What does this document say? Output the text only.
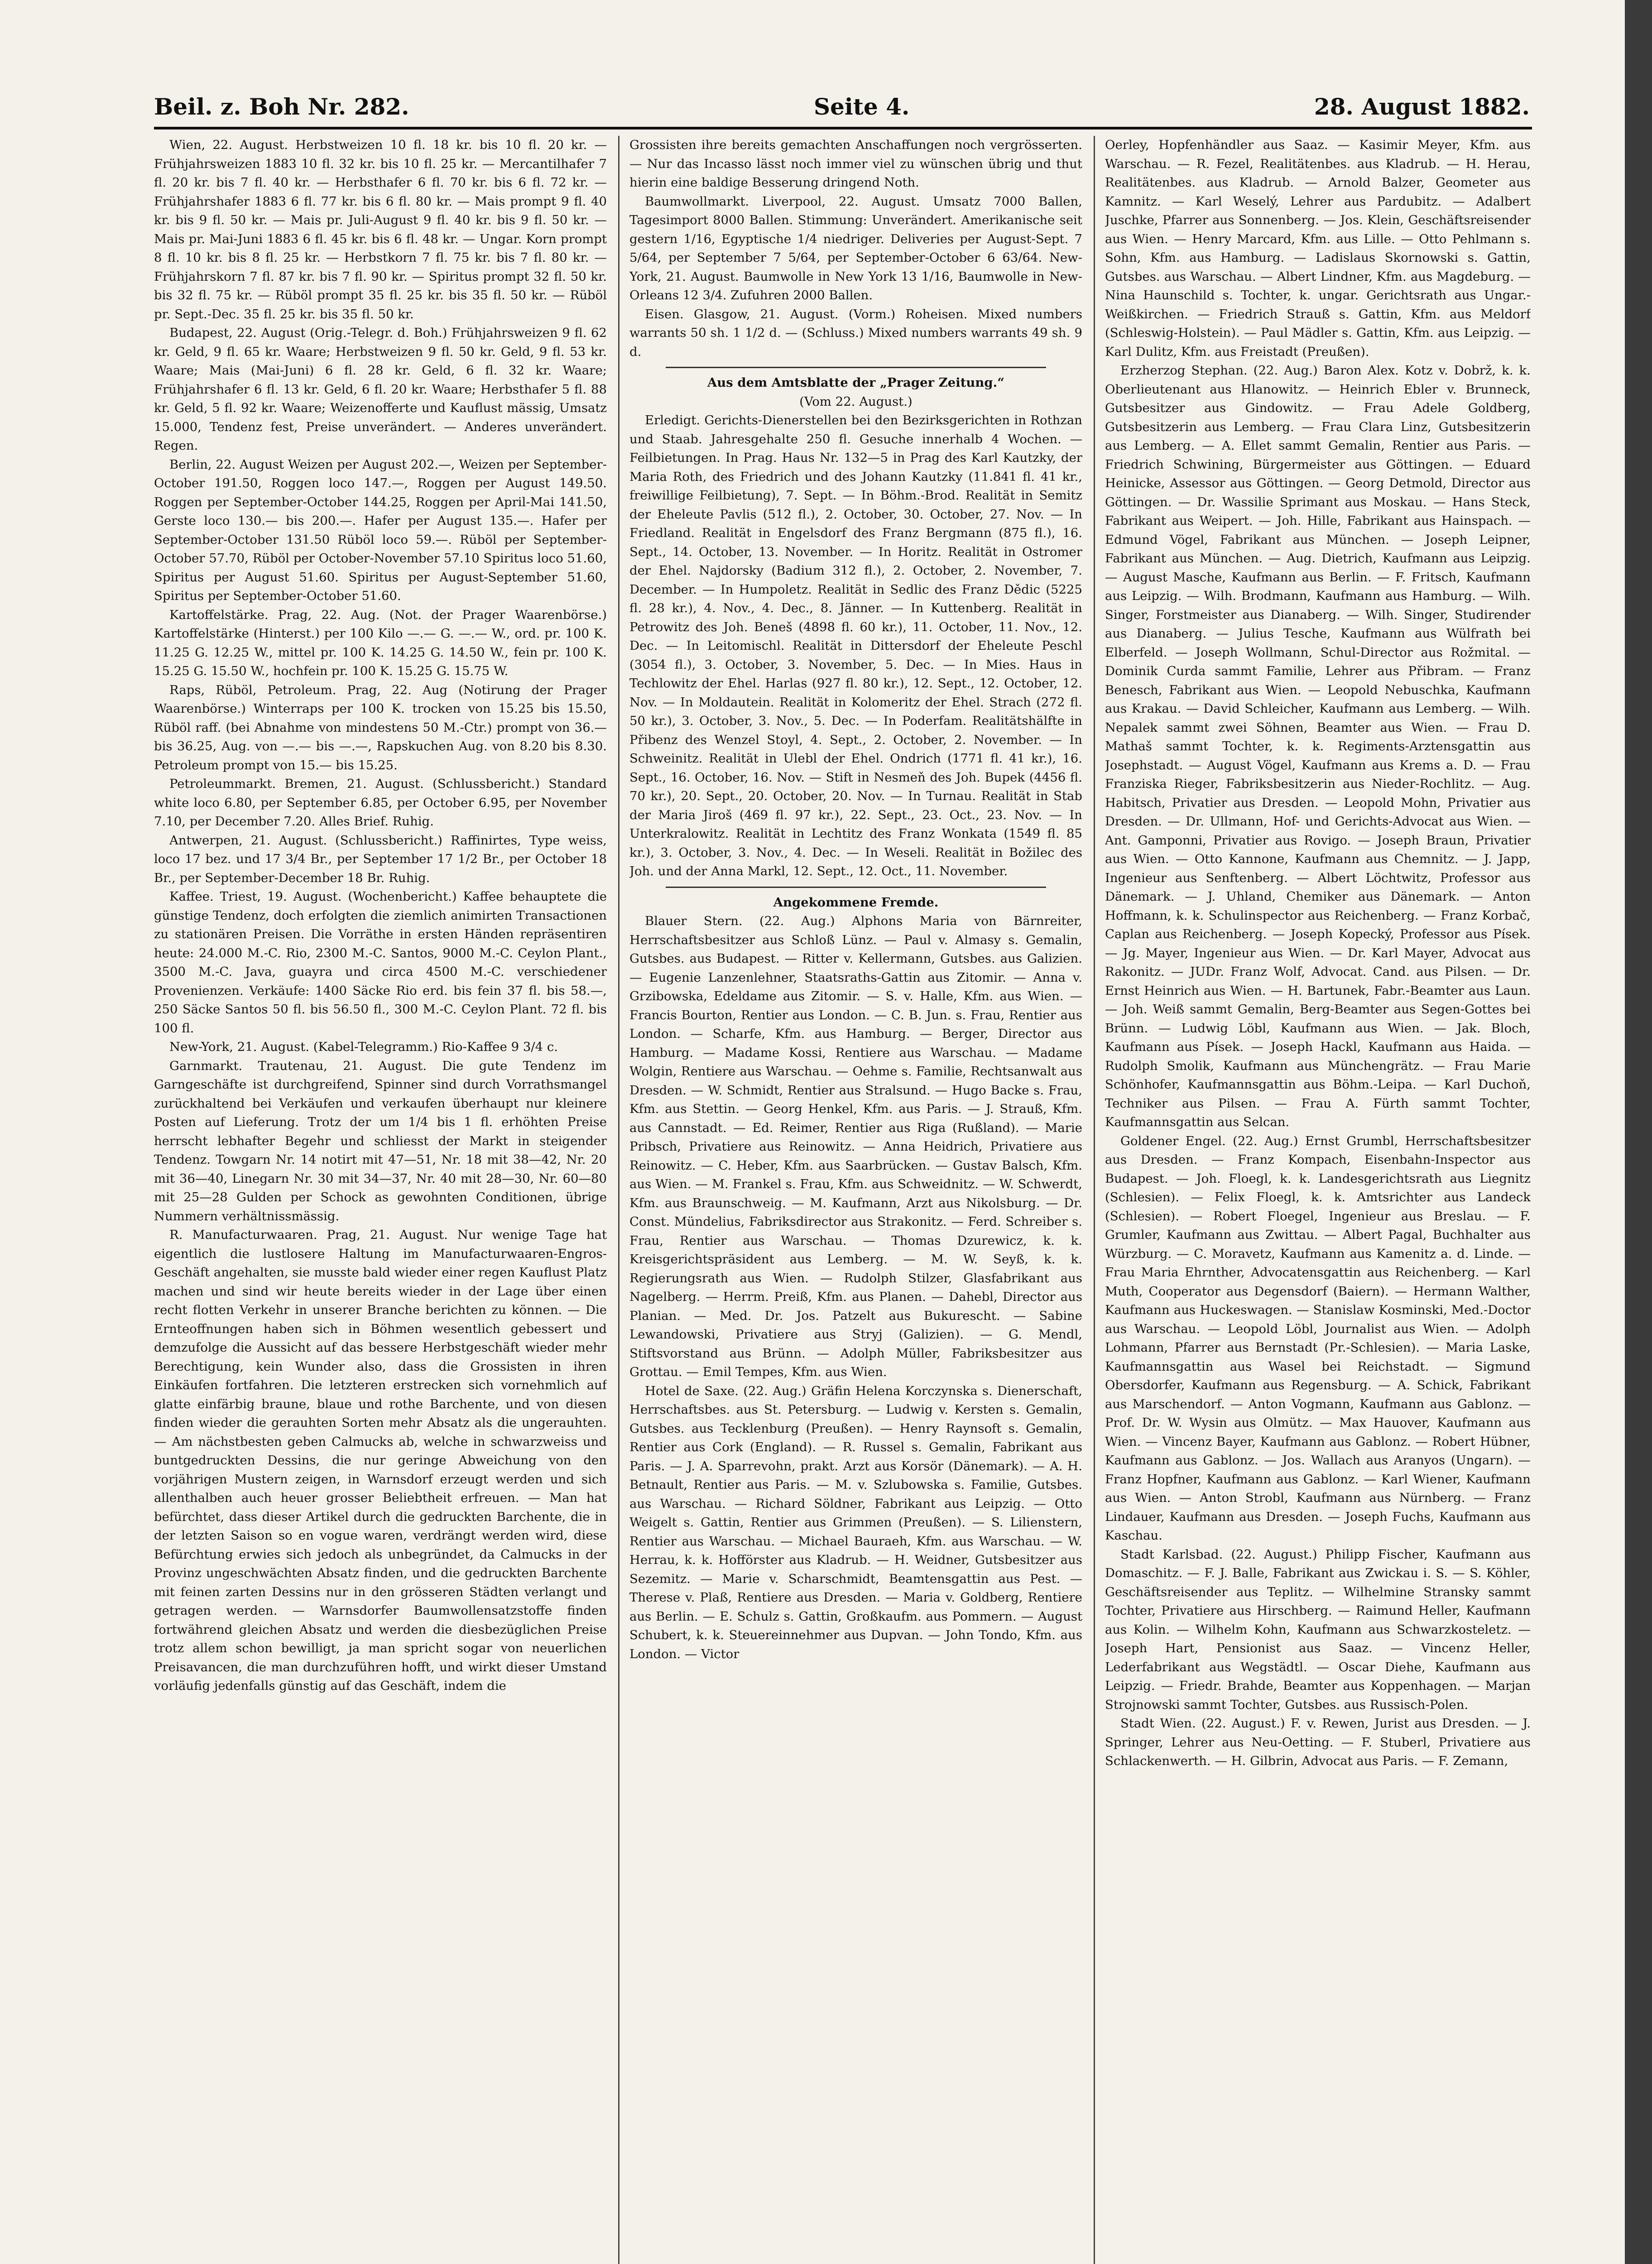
Beil. z. Boh Nr. 282.	Seite 4.	28. August 1882.

Wien, 22. August. Herbstweizen 10 fl. 18 kr. bis 10 fl. 20 kr. — Frühjahrsweizen 1883 10 fl. 32 kr. bis 10 fl. 25 kr. — Mercantilhafer 7 fl. 20 kr. bis 7 fl. 40 kr. — Herbsthafer 6 fl. 70 kr. bis 6 fl. 72 kr. — Frühjahrshafer 1883 6 fl. 77 kr. bis 6 fl. 80 kr. — Mais prompt 9 fl. 40 kr. bis 9 fl. 50 kr. — Mais pr. Juli-August 9 fl. 40 kr. bis 9 fl. 50 kr. — Mais pr. Mai-Juni 1883 6 fl. 45 kr. bis 6 fl. 48 kr. — Ungar. Korn prompt 8 fl. 10 kr. bis 8 fl. 25 kr. — Herbstkorn 7 fl. 75 kr. bis 7 fl. 80 kr. — Frühjahrskorn 7 fl. 87 kr. bis 7 fl. 90 kr. — Spiritus prompt 32 fl. 50 kr. bis 32 fl. 75 kr. — Rüböl prompt 35 fl. 25 kr. bis 35 fl. 50 kr. — Rüböl pr. Sept.-Dec. 35 fl. 25 kr. bis 35 fl. 50 kr.

Budapest, 22. August (Orig.-Telegr. d. Boh.) Frühjahrsweizen 9 fl. 62 kr. Geld, 9 fl. 65 kr. Waare; Herbstweizen 9 fl. 50 kr. Geld, 9 fl. 53 kr. Waare; Mais (Mai-Juni) 6 fl. 28 kr. Geld, 6 fl. 32 kr. Waare; Frühjahrshafer 6 fl. 13 kr. Geld, 6 fl. 20 kr. Waare; Herbsthafer 5 fl. 88 kr. Geld, 5 fl. 92 kr. Waare; Weizenofferte und Kauflust mässig, Umsatz 15.000, Tendenz fest, Preise unverändert. — Anderes unverändert. Regen.

Berlin, 22. August Weizen per August 202.—, Weizen per September-October 191.50, Roggen loco 147.—, Roggen per August 149.50. Roggen per September-October 144.25, Roggen per April-Mai 141.50, Gerste loco 130.— bis 200.—. Hafer per August 135.—. Hafer per September-October 131.50 Rüböl loco 59.—. Rüböl per September-October 57.70, Rüböl per October-November 57.10 Spiritus loco 51.60, Spiritus per August 51.60. Spiritus per August-September 51.60, Spiritus per September-October 51.60.

Kartoffelstärke. Prag, 22. Aug. (Not. der Prager Waarenbörse.) Kartoffelstärke (Hinterst.) per 100 Kilo —.— G. —.— W., ord. pr. 100 K. 11.25 G. 12.25 W., mittel pr. 100 K. 14.25 G. 14.50 W., fein pr. 100 K. 15.25 G. 15.50 W., hochfein pr. 100 K. 15.25 G. 15.75 W.

Raps, Rüböl, Petroleum. Prag, 22. Aug (Notirung der Prager Waarenbörse.) Winterraps per 100 K. trocken von 15.25 bis 15.50, Rüböl raff. (bei Abnahme von mindestens 50 M.-Ctr.) prompt von 36.— bis 36.25, Aug. von —.— bis —.—, Rapskuchen Aug. von 8.20 bis 8.30. Petroleum prompt von 15.— bis 15.25.

Petroleummarkt. Bremen, 21. August. (Schlussbericht.) Standard white loco 6.80, per September 6.85, per October 6.95, per November 7.10, per December 7.20. Alles Brief. Ruhig.

Antwerpen, 21. August. (Schlussbericht.) Raffinirtes, Type weiss, loco 17 bez. und 17 3/4 Br., per September 17 1/2 Br., per October 18 Br., per September-December 18 Br. Ruhig.

Kaffee. Triest, 19. August. (Wochenbericht.) Kaffee behauptete die günstige Tendenz, doch erfolgten die ziemlich animirten Transactionen zu stationären Preisen. Die Vorräthe in ersten Händen repräsentiren heute: 24.000 M.-C. Rio, 2300 M.-C. Santos, 9000 M.-C. Ceylon Plant., 3500 M.-C. Java, guayra und circa 4500 M.-C. verschiedener Provenienzen. Verkäufe: 1400 Säcke Rio erd. bis fein 37 fl. bis 58.—, 250 Säcke Santos 50 fl. bis 56.50 fl., 300 M.-C. Ceylon Plant. 72 fl. bis 100 fl.

New-York, 21. August. (Kabel-Telegramm.) Rio-Kaffee 9 3/4 c.

Garnmarkt. Trautenau, 21. August. Die gute Tendenz im Garngeschäfte ist durchgreifend, Spinner sind durch Vorrathsmangel zurückhaltend bei Verkäufen und verkaufen überhaupt nur kleinere Posten auf Lieferung. Trotz der um 1/4 bis 1 fl. erhöhten Preise herrscht lebhafter Begehr und schliesst der Markt in steigender Tendenz. Towgarn Nr. 14 notirt mit 47—51, Nr. 18 mit 38—42, Nr. 20 mit 36—40, Linegarn Nr. 30 mit 34—37, Nr. 40 mit 28—30, Nr. 60—80 mit 25—28 Gulden per Schock as gewohnten Conditionen, übrige Nummern verhältnissmässig.

R. Manufacturwaaren. Prag, 21. August. Nur wenige Tage hat eigentlich die lustlosere Haltung im Manufacturwaaren-Engros-Geschäft angehalten, sie musste bald wieder einer regen Kauflust Platz machen und sind wir heute bereits wieder in der Lage über einen recht flotten Verkehr in unserer Branche berichten zu können. — Die Ernteoffnungen haben sich in Böhmen wesentlich gebessert und demzufolge die Aussicht auf das bessere Herbstgeschäft wieder mehr Berechtigung, kein Wunder also, dass die Grossisten in ihren Einkäufen fortfahren. Die letzteren erstrecken sich vornehmlich auf glatte einfärbig braune, blaue und rothe Barchente, und von diesen finden wieder die gerauhten Sorten mehr Absatz als die ungerauhten. — Am nächstbesten geben Calmucks ab, welche in schwarzweiss und buntgedruckten Dessins, die nur geringe Abweichung von den vorjährigen Mustern zeigen, in Warnsdorf erzeugt werden und sich allenthalben auch heuer grosser Beliebtheit erfreuen. — Man hat befürchtet, dass dieser Artikel durch die gedruckten Barchente, die in der letzten Saison so en vogue waren, verdrängt werden wird, diese Befürchtung erwies sich jedoch als unbegründet, da Calmucks in der Provinz ungeschwächten Absatz finden, und die gedruckten Barchente mit feinen zarten Dessins nur in den grösseren Städten verlangt und getragen werden. — Warnsdorfer Baumwollensatzstoffe finden fortwährend gleichen Absatz und werden die diesbezüglichen Preise trotz allem schon bewilligt, ja man spricht sogar von neuerlichen Preisavancen, die man durchzuführen hofft, und wirkt dieser Umstand vorläufig jedenfalls günstig auf das Geschäft, indem die

Grossisten ihre bereits gemachten Anschaffungen noch vergrösserten. — Nur das Incasso lässt noch immer viel zu wünschen übrig und thut hierin eine baldige Besserung dringend Noth.

Baumwollmarkt. Liverpool, 22. August. Umsatz 7000 Ballen, Tagesimport 8000 Ballen. Stimmung: Unverändert. Amerikanische seit gestern 1/16, Egyptische 1/4 niedriger. Deliveries per August-Sept. 7 5/64, per September 7 5/64, per September-October 6 63/64. New-York, 21. August. Baumwolle in New York 13 1/16, Baumwolle in New-Orleans 12 3/4. Zufuhren 2000 Ballen.

Eisen. Glasgow, 21. August. (Vorm.) Roheisen. Mixed numbers warrants 50 sh. 1 1/2 d. — (Schluss.) Mixed numbers warrants 49 sh. 9 d.

Aus dem Amtsblatte der „Prager Zeitung.“

(Vom 22. August.)

Erledigt. Gerichts-Dienerstellen bei den Bezirksgerichten in Rothzan und Staab. Jahresgehalte 250 fl. Gesuche innerhalb 4 Wochen. — Feilbietungen. In Prag. Haus Nr. 132—5 in Prag des Karl Kautzky, der Maria Roth, des Friedrich und des Johann Kautzky (11.841 fl. 41 kr., freiwillige Feilbietung), 7. Sept. — In Böhm.-Brod. Realität in Semitz der Eheleute Pavlis (512 fl.), 2. October, 30. October, 27. Nov. — In Friedland. Realität in Engelsdorf des Franz Bergmann (875 fl.), 16. Sept., 14. October, 13. November. — In Horitz. Realität in Ostromer der Ehel. Najdorsky (Badium 312 fl.), 2. October, 2. November, 7. December. — In Humpoletz. Realität in Sedlic des Franz Dědic (5225 fl. 28 kr.), 4. Nov., 4. Dec., 8. Jänner. — In Kuttenberg. Realität in Petrowitz des Joh. Beneš (4898 fl. 60 kr.), 11. October, 11. Nov., 12. Dec. — In Leitomischl. Realität in Dittersdorf der Eheleute Peschl (3054 fl.), 3. October, 3. November, 5. Dec. — In Mies. Haus in Techlowitz der Ehel. Harlas (927 fl. 80 kr.), 12. Sept., 12. October, 12. Nov. — In Moldautein. Realität in Kolomeritz der Ehel. Strach (272 fl. 50 kr.), 3. October, 3. Nov., 5. Dec. — In Poderfam. Realitätshälfte in Přibenz des Wenzel Stoyl, 4. Sept., 2. October, 2. November. — In Schweinitz. Realität in Ulebl der Ehel. Ondrich (1771 fl. 41 kr.), 16. Sept., 16. October, 16. Nov. — Stift in Nesmeň des Joh. Bupek (4456 fl. 70 kr.), 20. Sept., 20. October, 20. Nov. — In Turnau. Realität in Stab der Maria Jiroš (469 fl. 97 kr.), 22. Sept., 23. Oct., 23. Nov. — In Unterkralowitz. Realität in Lechtitz des Franz Wonkata (1549 fl. 85 kr.), 3. October, 3. Nov., 4. Dec. — In Weseli. Realität in Božilec des Joh. und der Anna Markl, 12. Sept., 12. Oct., 11. November.

Angekommene Fremde.

Blauer Stern. (22. Aug.) Alphons Maria von Bärnreiter, Herrschaftsbesitzer aus Schloß Lünz. — Paul v. Almasy s. Gemalin, Gutsbes. aus Budapest. — Ritter v. Kellermann, Gutsbes. aus Galizien. — Eugenie Lanzenlehner, Staatsraths-Gattin aus Zitomir. — Anna v. Grzibowska, Edeldame aus Zitomir. — S. v. Halle, Kfm. aus Wien. — Francis Bourton, Rentier aus London. — C. B. Jun. s. Frau, Rentier aus London. — Scharfe, Kfm. aus Hamburg. — Berger, Director aus Hamburg. — Madame Kossi, Rentiere aus Warschau. — Madame Wolgin, Rentiere aus Warschau. — Oehme s. Familie, Rechtsanwalt aus Dresden. — W. Schmidt, Rentier aus Stralsund. — Hugo Backe s. Frau, Kfm. aus Stettin. — Georg Henkel, Kfm. aus Paris. — J. Strauß, Kfm. aus Cannstadt. — Ed. Reimer, Rentier aus Riga (Rußland). — Marie Pribsch, Privatiere aus Reinowitz. — Anna Heidrich, Privatiere aus Reinowitz. — C. Heber, Kfm. aus Saarbrücken. — Gustav Balsch, Kfm. aus Wien. — M. Frankel s. Frau, Kfm. aus Schweidnitz. — W. Schwerdt, Kfm. aus Braunschweig. — M. Kaufmann, Arzt aus Nikolsburg. — Dr. Const. Mündelius, Fabriksdirector aus Strakonitz. — Ferd. Schreiber s. Frau, Rentier aus Warschau. — Thomas Dzurewicz, k. k. Kreisgerichtspräsident aus Lemberg. — M. W. Seyß, k. k. Regierungsrath aus Wien. — Rudolph Stilzer, Glasfabrikant aus Nagelberg. — Herrm. Preiß, Kfm. aus Planen. — Dahebl, Director aus Planian. — Med. Dr. Jos. Patzelt aus Bukurescht. — Sabine Lewandowski, Privatiere aus Stryj (Galizien). — G. Mendl, Stiftsvorstand aus Brünn. — Adolph Müller, Fabriksbesitzer aus Grottau. — Emil Tempes, Kfm. aus Wien.

Hotel de Saxe. (22. Aug.) Gräfin Helena Korczynska s. Dienerschaft, Herrschaftsbes. aus St. Petersburg. — Ludwig v. Kersten s. Gemalin, Gutsbes. aus Tecklenburg (Preußen). — Henry Raynsoft s. Gemalin, Rentier aus Cork (England). — R. Russel s. Gemalin, Fabrikant aus Paris. — J. A. Sparrevohn, prakt. Arzt aus Korsör (Dänemark). — A. H. Betnault, Rentier aus Paris. — M. v. Szlubowska s. Familie, Gutsbes. aus Warschau. — Richard Söldner, Fabrikant aus Leipzig. — Otto Weigelt s. Gattin, Rentier aus Grimmen (Preußen). — S. Lilienstern, Rentier aus Warschau. — Michael Bauraeh, Kfm. aus Warschau. — W. Herrau, k. k. Hofförster aus Kladrub. — H. Weidner, Gutsbesitzer aus Sezemitz. — Marie v. Scharschmidt, Beamtensgattin aus Pest. — Therese v. Plaß, Rentiere aus Dresden. — Maria v. Goldberg, Rentiere aus Berlin. — E. Schulz s. Gattin, Großkaufm. aus Pommern. — August Schubert, k. k. Steuereinnehmer aus Dupvan. — John Tondo, Kfm. aus London. — Victor

Oerley, Hopfenhändler aus Saaz. — Kasimir Meyer, Kfm. aus Warschau. — R. Fezel, Realitätenbes. aus Kladrub. — H. Herau, Realitätenbes. aus Kladrub. — Arnold Balzer, Geometer aus Kamnitz. — Karl Weselý, Lehrer aus Pardubitz. — Adalbert Juschke, Pfarrer aus Sonnenberg. — Jos. Klein, Geschäftsreisender aus Wien. — Henry Marcard, Kfm. aus Lille. — Otto Pehlmann s. Sohn, Kfm. aus Hamburg. — Ladislaus Skornowski s. Gattin, Gutsbes. aus Warschau. — Albert Lindner, Kfm. aus Magdeburg. — Nina Haunschild s. Tochter, k. ungar. Gerichtsrath aus Ungar.-Weißkirchen. — Friedrich Strauß s. Gattin, Kfm. aus Meldorf (Schleswig-Holstein). — Paul Mädler s. Gattin, Kfm. aus Leipzig. — Karl Dulitz, Kfm. aus Freistadt (Preußen).

Erzherzog Stephan. (22. Aug.) Baron Alex. Kotz v. Dobrž, k. k. Oberlieutenant aus Hlanowitz. — Heinrich Ebler v. Brunneck, Gutsbesitzer aus Gindowitz. — Frau Adele Goldberg, Gutsbesitzerin aus Lemberg. — Frau Clara Linz, Gutsbesitzerin aus Lemberg. — A. Ellet sammt Gemalin, Rentier aus Paris. — Friedrich Schwining, Bürgermeister aus Göttingen. — Eduard Heinicke, Assessor aus Göttingen. — Georg Detmold, Director aus Göttingen. — Dr. Wassilie Sprimant aus Moskau. — Hans Steck, Fabrikant aus Weipert. — Joh. Hille, Fabrikant aus Hainspach. — Edmund Vögel, Fabrikant aus München. — Joseph Leipner, Fabrikant aus München. — Aug. Dietrich, Kaufmann aus Leipzig. — August Masche, Kaufmann aus Berlin. — F. Fritsch, Kaufmann aus Leipzig. — Wilh. Brodmann, Kaufmann aus Hamburg. — Wilh. Singer, Forstmeister aus Dianaberg. — Wilh. Singer, Studirender aus Dianaberg. — Julius Tesche, Kaufmann aus Wülfrath bei Elberfeld. — Joseph Wollmann, Schul-Director aus Rožmital. — Dominik Curda sammt Familie, Lehrer aus Přibram. — Franz Benesch, Fabrikant aus Wien. — Leopold Nebuschka, Kaufmann aus Krakau. — David Schleicher, Kaufmann aus Lemberg. — Wilh. Nepalek sammt zwei Söhnen, Beamter aus Wien. — Frau D. Mathaš sammt Tochter, k. k. Regiments-Arztensgattin aus Josephstadt. — August Vögel, Kaufmann aus Krems a. D. — Frau Franziska Rieger, Fabriksbesitzerin aus Nieder-Rochlitz. — Aug. Habitsch, Privatier aus Dresden. — Leopold Mohn, Privatier aus Dresden. — Dr. Ullmann, Hof- und Gerichts-Advocat aus Wien. — Ant. Gamponni, Privatier aus Rovigo. — Joseph Braun, Privatier aus Wien. — Otto Kannone, Kaufmann aus Chemnitz. — J. Japp, Ingenieur aus Senftenberg. — Albert Löchtwitz, Professor aus Dänemark. — J. Uhland, Chemiker aus Dänemark. — Anton Hoffmann, k. k. Schulinspector aus Reichenberg. — Franz Korbač, Caplan aus Reichenberg. — Joseph Kopecký, Professor aus Písek. — Jg. Mayer, Ingenieur aus Wien. — Dr. Karl Mayer, Advocat aus Rakonitz. — JUDr. Franz Wolf, Advocat. Cand. aus Pilsen. — Dr. Ernst Heinrich aus Wien. — H. Bartunek, Fabr.-Beamter aus Laun. — Joh. Weiß sammt Gemalin, Berg-Beamter aus Segen-Gottes bei Brünn. — Ludwig Löbl, Kaufmann aus Wien. — Jak. Bloch, Kaufmann aus Písek. — Joseph Hackl, Kaufmann aus Haida. — Rudolph Smolik, Kaufmann aus Münchengrätz. — Frau Marie Schönhofer, Kaufmannsgattin aus Böhm.-Leipa. — Karl Duchoň, Techniker aus Pilsen. — Frau A. Fürth sammt Tochter, Kaufmannsgattin aus Selcan.

Goldener Engel. (22. Aug.) Ernst Grumbl, Herrschaftsbesitzer aus Dresden. — Franz Kompach, Eisenbahn-Inspector aus Budapest. — Joh. Floegl, k. k. Landesgerichtsrath aus Liegnitz (Schlesien). — Felix Floegl, k. k. Amtsrichter aus Landeck (Schlesien). — Robert Floegel, Ingenieur aus Breslau. — F. Grumler, Kaufmann aus Zwittau. — Albert Pagal, Buchhalter aus Würzburg. — C. Moravetz, Kaufmann aus Kamenitz a. d. Linde. — Frau Maria Ehrnther, Advocatensgattin aus Reichenberg. — Karl Muth, Cooperator aus Degensdorf (Baiern). — Hermann Walther, Kaufmann aus Huckeswagen. — Stanislaw Kosminski, Med.-Doctor aus Warschau. — Leopold Löbl, Journalist aus Wien. — Adolph Lohmann, Pfarrer aus Bernstadt (Pr.-Schlesien). — Maria Laske, Kaufmannsgattin aus Wasel bei Reichstadt. — Sigmund Obersdorfer, Kaufmann aus Regensburg. — A. Schick, Fabrikant aus Marschendorf. — Anton Vogmann, Kaufmann aus Gablonz. — Prof. Dr. W. Wysin aus Olmütz. — Max Hauover, Kaufmann aus Wien. — Vincenz Bayer, Kaufmann aus Gablonz. — Robert Hübner, Kaufmann aus Gablonz. — Jos. Wallach aus Aranyos (Ungarn). — Franz Hopfner, Kaufmann aus Gablonz. — Karl Wiener, Kaufmann aus Wien. — Anton Strobl, Kaufmann aus Nürnberg. — Franz Lindauer, Kaufmann aus Dresden. — Joseph Fuchs, Kaufmann aus Kaschau.

Stadt Karlsbad. (22. August.) Philipp Fischer, Kaufmann aus Domaschitz. — F. J. Balle, Fabrikant aus Zwickau i. S. — S. Köhler, Geschäftsreisender aus Teplitz. — Wilhelmine Stransky sammt Tochter, Privatiere aus Hirschberg. — Raimund Heller, Kaufmann aus Kolin. — Wilhelm Kohn, Kaufmann aus Schwarzkosteletz. — Joseph Hart, Pensionist aus Saaz. — Vincenz Heller, Lederfabrikant aus Wegstädtl. — Oscar Diehe, Kaufmann aus Leipzig. — Friedr. Brahde, Beamter aus Koppenhagen. — Marjan Strojnowski sammt Tochter, Gutsbes. aus Russisch-Polen.

Stadt Wien. (22. August.) F. v. Rewen, Jurist aus Dresden. — J. Springer, Lehrer aus Neu-Oetting. — F. Stuberl, Privatiere aus Schlackenwerth. — H. Gilbrin, Advocat aus Paris. — F. Zemann,
